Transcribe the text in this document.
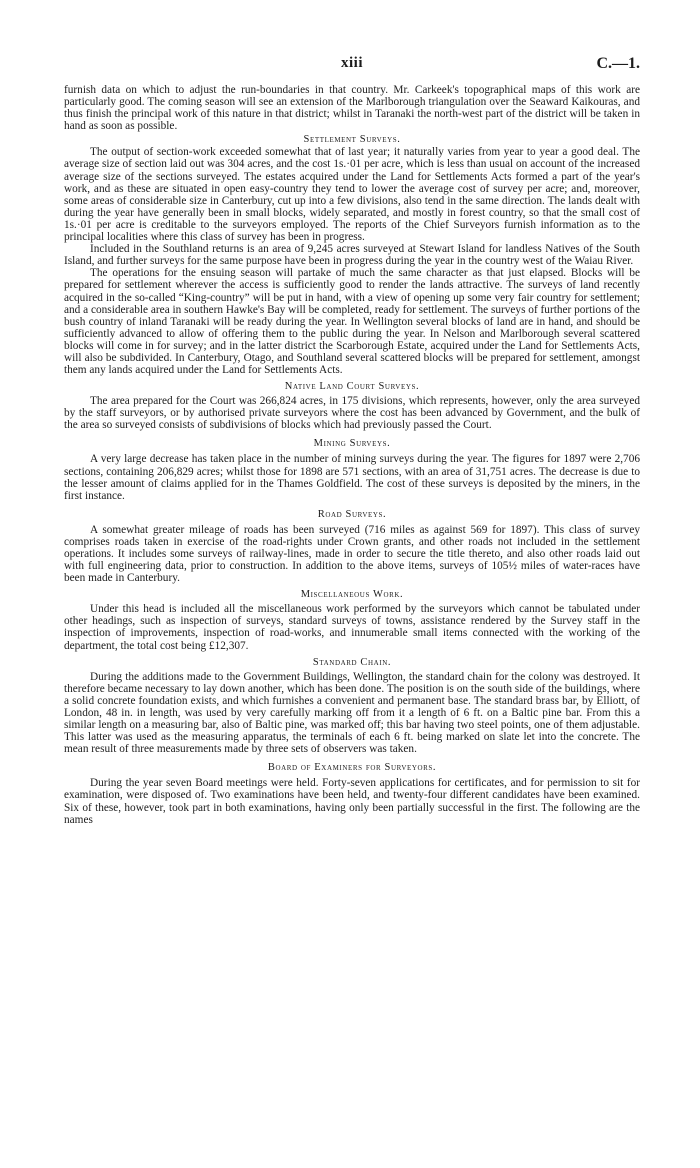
xiii	C.—1.

furnish data on which to adjust the run-boundaries in that country. Mr. Carkeek's topographical maps of this work are particularly good. The coming season will see an extension of the Marlborough triangulation over the Seaward Kaikouras, and thus finish the principal work of this nature in that district; whilst in Taranaki the north-west part of the district will be taken in hand as soon as possible.

Settlement Surveys.

The output of section-work exceeded somewhat that of last year; it naturally varies from year to year a good deal. The average size of section laid out was 304 acres, and the cost 1s.·01 per acre, which is less than usual on account of the increased average size of the sections surveyed. The estates acquired under the Land for Settlements Acts formed a part of the year's work, and as these are situated in open easy-country they tend to lower the average cost of survey per acre; and, moreover, some areas of considerable size in Canterbury, cut up into a few divisions, also tend in the same direction. The lands dealt with during the year have generally been in small blocks, widely separated, and mostly in forest country, so that the small cost of 1s.·01 per acre is creditable to the surveyors employed. The reports of the Chief Surveyors furnish information as to the principal localities where this class of survey has been in progress.

Included in the Southland returns is an area of 9,245 acres surveyed at Stewart Island for landless Natives of the South Island, and further surveys for the same purpose have been in progress during the year in the country west of the Waiau River.

The operations for the ensuing season will partake of much the same character as that just elapsed. Blocks will be prepared for settlement wherever the access is sufficiently good to render the lands attractive. The surveys of land recently acquired in the so-called “King-country” will be put in hand, with a view of opening up some very fair country for settlement; and a considerable area in southern Hawke's Bay will be completed, ready for settlement. The surveys of further portions of the bush country of inland Taranaki will be ready during the year. In Wellington several blocks of land are in hand, and should be sufficiently advanced to allow of offering them to the public during the year. In Nelson and Marlborough several scattered blocks will come in for survey; and in the latter district the Scarborough Estate, acquired under the Land for Settlements Acts, will also be subdivided. In Canterbury, Otago, and Southland several scattered blocks will be prepared for settlement, amongst them any lands acquired under the Land for Settlements Acts.

Native Land Court Surveys.

The area prepared for the Court was 266,824 acres, in 175 divisions, which represents, however, only the area surveyed by the staff surveyors, or by authorised private surveyors where the cost has been advanced by Government, and the bulk of the area so surveyed consists of subdivisions of blocks which had previously passed the Court.

Mining Surveys.

A very large decrease has taken place in the number of mining surveys during the year. The figures for 1897 were 2,706 sections, containing 206,829 acres; whilst those for 1898 are 571 sections, with an area of 31,751 acres. The decrease is due to the lesser amount of claims applied for in the Thames Goldfield. The cost of these surveys is deposited by the miners, in the first instance.

Road Surveys.

A somewhat greater mileage of roads has been surveyed (716 miles as against 569 for 1897). This class of survey comprises roads taken in exercise of the road-rights under Crown grants, and other roads not included in the settlement operations. It includes some surveys of railway-lines, made in order to secure the title thereto, and also other roads laid out with full engineering data, prior to construction. In addition to the above items, surveys of 105½ miles of water-races have been made in Canterbury.

Miscellaneous Work.

Under this head is included all the miscellaneous work performed by the surveyors which cannot be tabulated under other headings, such as inspection of surveys, standard surveys of towns, assistance rendered by the Survey staff in the inspection of improvements, inspection of road-works, and innumerable small items connected with the working of the department, the total cost being £12,307.

Standard Chain.

During the additions made to the Government Buildings, Wellington, the standard chain for the colony was destroyed. It therefore became necessary to lay down another, which has been done. The position is on the south side of the buildings, where a solid concrete foundation exists, and which furnishes a convenient and permanent base. The standard brass bar, by Elliott, of London, 48 in. in length, was used by very carefully marking off from it a length of 6 ft. on a Baltic pine bar. From this a similar length on a measuring bar, also of Baltic pine, was marked off; this bar having two steel points, one of them adjustable. This latter was used as the measuring apparatus, the terminals of each 6 ft. being marked on slate let into the concrete. The mean result of three measurements made by three sets of observers was taken.

Board of Examiners for Surveyors.

During the year seven Board meetings were held. Forty-seven applications for certificates, and for permission to sit for examination, were disposed of. Two examinations have been held, and twenty-four different candidates have been examined. Six of these, however, took part in both examinations, having only been partially successful in the first. The following are the names
